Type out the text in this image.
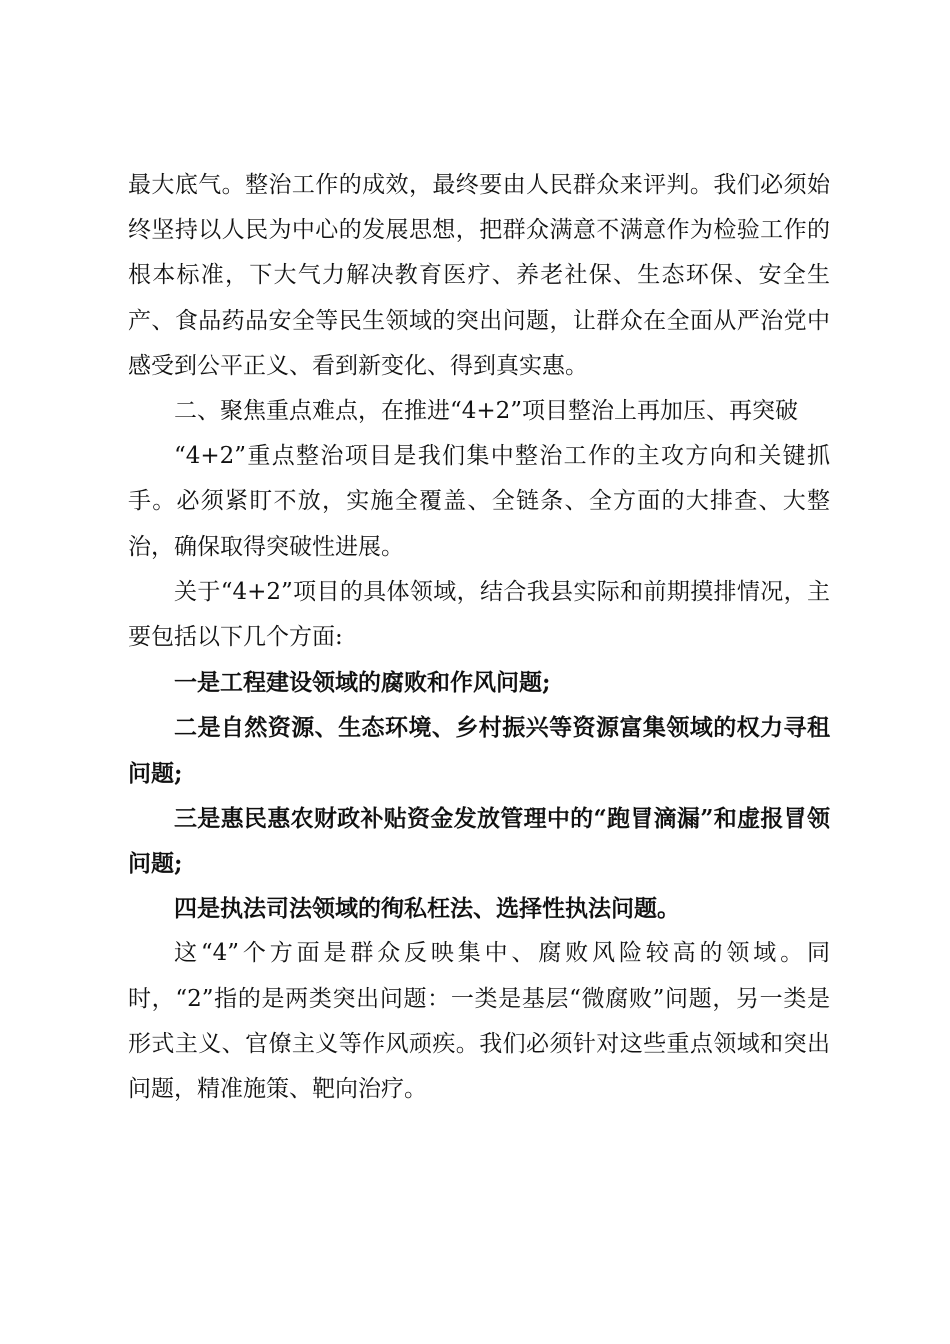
最大底气。整治工作的成效，最终要由人民群众来评判。我们必须始终坚持以人民为中心的发展思想，把群众满意不满意作为检验工作的根本标准，下大气力解决教育医疗、养老社保、生态环保、安全生产、食品药品安全等民生领域的突出问题，让群众在全面从严治党中感受到公平正义、看到新变化、得到真实惠。

二、聚焦重点难点，在推进“4+2”项目整治上再加压、再突破

“4+2”重点整治项目是我们集中整治工作的主攻方向和关键抓手。必须紧盯不放，实施全覆盖、全链条、全方面的大排查、大整治，确保取得突破性进展。

关于“4+2”项目的具体领域，结合我县实际和前期摸排情况，主要包括以下几个方面:

一是工程建设领域的腐败和作风问题;

二是自然资源、生态环境、乡村振兴等资源富集领域的权力寻租问题;

三是惠民惠农财政补贴资金发放管理中的“跑冒滴漏”和虚报冒领问题;

四是执法司法领域的徇私枉法、选择性执法问题。

这“4”个方面是群众反映集中、腐败风险较高的领域。同时，“2”指的是两类突出问题：一类是基层“微腐败”问题，另一类是形式主义、官僚主义等作风顽疾。我们必须针对这些重点领域和突出问题，精准施策、靶向治疗。
